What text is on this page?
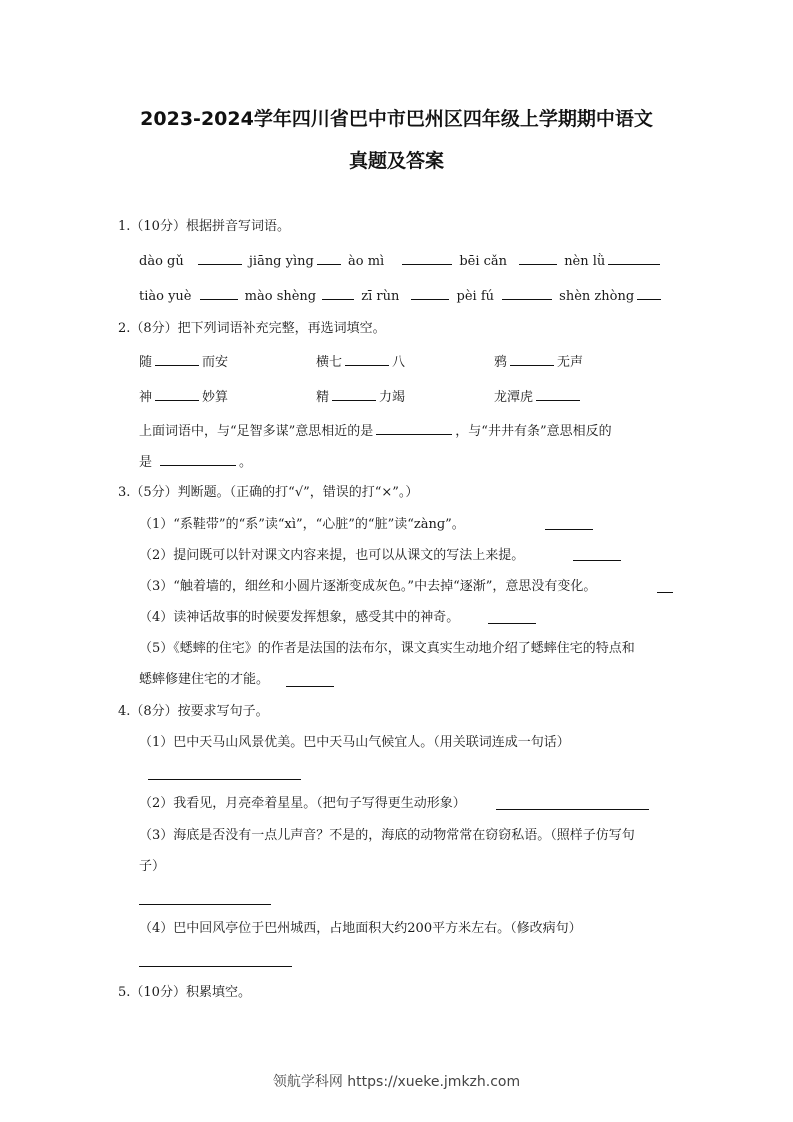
2023-2024学年四川省巴中市巴州区四年级上学期期中语文
真题及答案
1.（10分）根据拼音写词语。
dào gǔ	jiāng yìng	ào mì	bēi cǎn	nèn lǜ
tiào yuè	mào shèng	zī rùn	pèi fú	shèn zhòng
2.（8分）把下列词语补充完整，再选词填空。
随	而安	横七	八	鸦	无声
神	妙算	精	力竭	龙潭虎
上面词语中，与“足智多谋”意思相近的是	，与“井井有条”意思相反的
是	。
3.（5分）判断题。（正确的打“√”，错误的打“×”。）
（1）“系鞋带”的“系”读“xì”，“心脏”的“脏”读“zànɡ”。
（2）提问既可以针对课文内容来提，也可以从课文的写法上来提。
（3）“触着墙的，细丝和小圆片逐渐变成灰色。”中去掉“逐渐”，意思没有变化。
（4）读神话故事的时候要发挥想象，感受其中的神奇。
（5）《蟋蟀的住宅》的作者是法国的法布尔，课文真实生动地介绍了蟋蟀住宅的特点和
蟋蟀修建住宅的才能。
4.（8分）按要求写句子。
（1）巴中天马山风景优美。巴中天马山气候宜人。（用关联词连成一句话）
（2）我看见，月亮牵着星星。（把句子写得更生动形象）
（3）海底是否没有一点儿声音？不是的，海底的动物常常在窃窃私语。（照样子仿写句
子）
（4）巴中回风亭位于巴州城西，占地面积大约200平方米左右。（修改病句）
5.（10分）积累填空。
领航学科网 https://xueke.jmkzh.com
